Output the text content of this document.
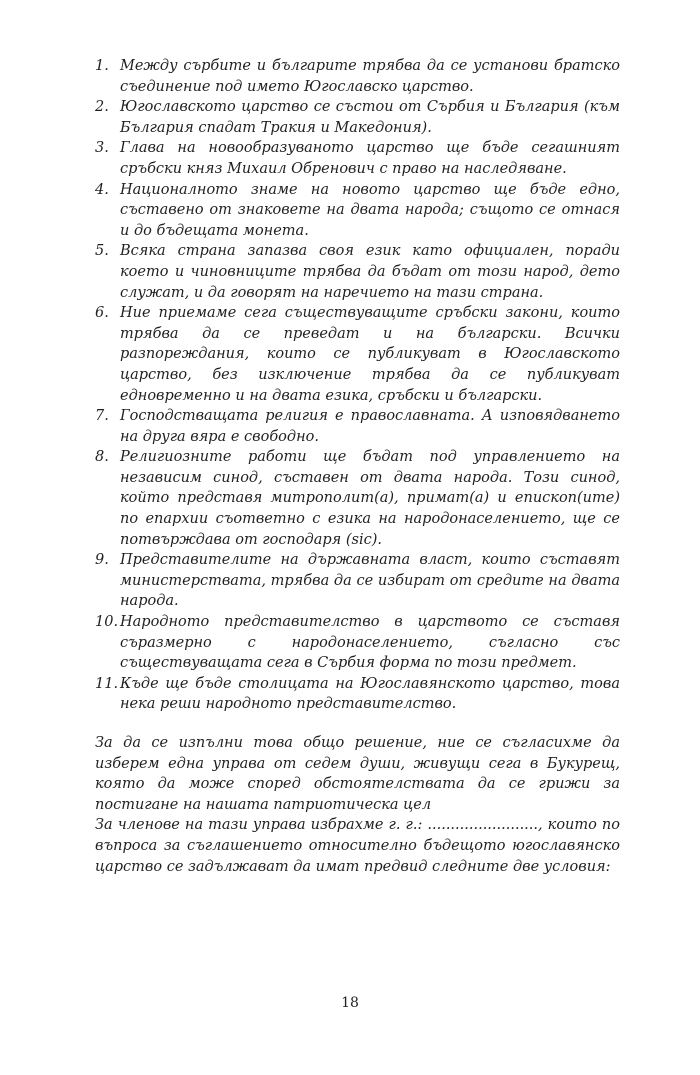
1. Между сърбите и българите трябва да се установи братско съединение под името Югославско царство.
2. Югославското царство се състои от Сърбия и България (към България спадат Тракия и Македония).
3. Глава на новообразуваното царство ще бъде сегашният сръбски княз Михаил Обренович с право на наследяване.
4. Националното знаме на новото царство ще бъде едно, съставено от знаковете на двата народа; същото се отнася и до бъдещата монета.
5. Всяка страна запазва своя език като официален, поради което и чиновниците трябва да бъдат от този народ, дето служат, и да говорят на наречието на тази страна.
6. Ние приемаме сега съществуващите сръбски закони, които трябва да се преведат и на български. Всички разпореждания, които се публикуват в Югославското царство, без изключение трябва да се публикуват едновременно и на двата езика, сръбски и български.
7. Господстващата религия е православната. А изповядването на друга вяра е свободно.
8. Религиозните работи ще бъдат под управлението на независим синод, съставен от двата народа. Този синод, който представя митрополит(а), примат(а) и епископ(ите) по епархии съответно с езика на народонаселението, ще се потвърждава от господаря (sic).
9. Представителите на държавната власт, които съставят министерствата, трябва да се избират от средите на двата народа.
10. Народното представителство в царството се съставя съразмерно с народонаселението, съгласно със съществуващата сега в Сърбия форма по този предмет.
11. Къде ще бъде столицата на Югославянското царство, това нека реши народното представителство.

За да се изпълни това общо решение, ние се съгласихме да изберем една управа от седем души, живущи сега в Букурещ, която да може според обстоятелствата да се грижи за постигане на нашата патриотическа цел

За членове на тази управа избрахме г. г.: ........................, които по въпроса за съглашението относително бъдещото югославянско царство се задължават да имат предвид следните две условия:

18
